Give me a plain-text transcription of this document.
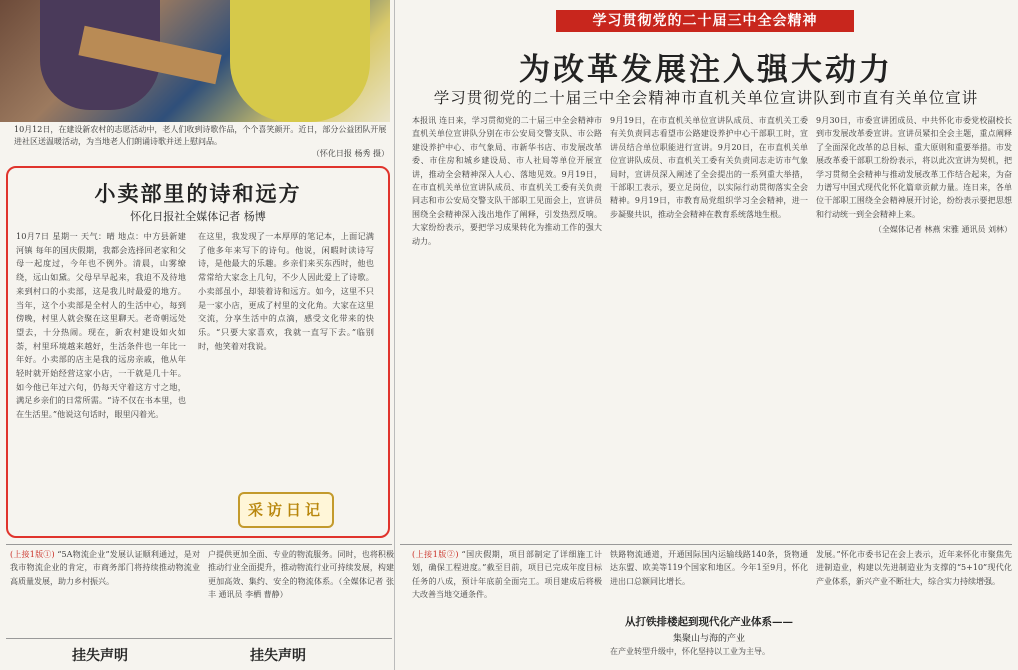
10月12日，在建设新农村的志愿活动中，老人们收到诗歌作品，个个喜笑颜开。近日，部分公益团队开展进社区送温暖活动，为当地老人们朗诵诗歌并送上慰问品。
（怀化日报 杨秀 摄）
小卖部里的诗和远方
怀化日报社全媒体记者 杨博
10月7日 星期一 天气：晴 地点：中方县新建河镇 每年的国庆假期，我都会选择回老家和父母一起度过，今年也不例外。清晨，山雾缭绕，远山如黛。父母早早起来，我迫不及待地来到村口的小卖部，这是我儿时最爱的地方。当年，这个小卖部是全村人的生活中心，每到傍晚，村里人就会聚在这里聊天。老奇朝远处望去，十分热闹。现在，新农村建设如火如荼，村里环境越来越好，生活条件也一年比一年好。小卖部的店主是我的远房亲戚，他从年轻时就开始经营这家小店，一干就是几十年。如今他已年过六旬，仍每天守着这方寸之地，满足乡亲们的日常所需。“诗不仅在书本里，也在生活里。”他说这句话时，眼里闪着光。
在这里，我发现了一本厚厚的笔记本，上面记满了他多年来写下的诗句。他说，闲暇时读诗写诗，是他最大的乐趣。乡亲们来买东西时，他也常常给大家念上几句，不少人因此爱上了诗歌。小卖部虽小，却装着诗和远方。如今，这里不只是一家小店，更成了村里的文化角。大家在这里交流，分享生活中的点滴，感受文化带来的快乐。“只要大家喜欢，我就一直写下去。”临别时，他笑着对我说。
采访日记
学习贯彻党的二十届三中全会精神
为改革发展注入强大动力
学习贯彻党的二十届三中全会精神市直机关单位宣讲队到市直有关单位宣讲
本报讯 连日来，学习贯彻党的二十届三中全会精神市直机关单位宣讲队分别在市公安局交警支队、市公路建设养护中心、市气象局、市新华书店、市发展改革委、市住房和城乡建设局、市人社局等单位开展宣讲，推动全会精神深入人心、落地见效。9月19日，在市直机关单位宣讲队成员、市直机关工委有关负责同志和市公安局交警支队干部职工见面会上，宣讲员围绕全会精神深入浅出地作了阐释，引发热烈反响。大家纷纷表示，要把学习成果转化为推动工作的强大动力。
9月19日，在市直机关单位宣讲队成员、市直机关工委有关负责同志看望市公路建设养护中心干部职工时，宣讲员结合单位职能进行宣讲。9月20日，在市直机关单位宣讲队成员、市直机关工委有关负责同志走访市气象局时，宣讲员深入阐述了全会提出的一系列重大举措，干部职工表示，要立足岗位，以实际行动贯彻落实全会精神。9月19日，市教育局党组织学习全会精神，进一步凝聚共识，推动全会精神在教育系统落地生根。
9月30日，市委宣讲团成员、中共怀化市委党校副校长到市发展改革委宣讲。宣讲员紧扣全会主题，重点阐释了全面深化改革的总目标、重大原则和重要举措。市发展改革委干部职工纷纷表示，将以此次宣讲为契机，把学习贯彻全会精神与推动发展改革工作结合起来，为奋力谱写中国式现代化怀化篇章贡献力量。连日来，各单位干部职工围绕全会精神展开讨论，纷纷表示要把思想和行动统一到全会精神上来。
（全媒体记者 林燕 宋雅 通讯员 刘林）
(上接1版①) “5A物流企业”发展认证顺利通过，是对我市物流企业的肯定，市商务部门将持续推动物流业高质量发展，助力乡村振兴。
户提供更加全面、专业的物流服务。同时，也将积极推动行业全面提升，推动物流行业可持续发展，构建更加高效、集约、安全的物流体系。（全媒体记者 张丰 通讯员 李栖 曹静）
(上接1版②) “国庆假期，项目部制定了详细施工计划，确保工程进度。”截至目前，项目已完成年度目标任务的八成，预计年底前全面完工。项目建成后将极大改善当地交通条件。
铁路物流通道，开通国际国内运输线路140条，货物通达东盟、欧美等119个国家和地区。今年1至9月，怀化进出口总额同比增长。
从打铁排楼起到现代化产业体系——
集聚山与海的产业
在产业转型升级中，怀化坚持以工业为主导。
发展。”怀化市委书记在会上表示，近年来怀化市聚焦先进制造业，构建以先进制造业为支撑的“5+10”现代化产业体系，新兴产业不断壮大，综合实力持续增强。
挂失声明	挂失声明
